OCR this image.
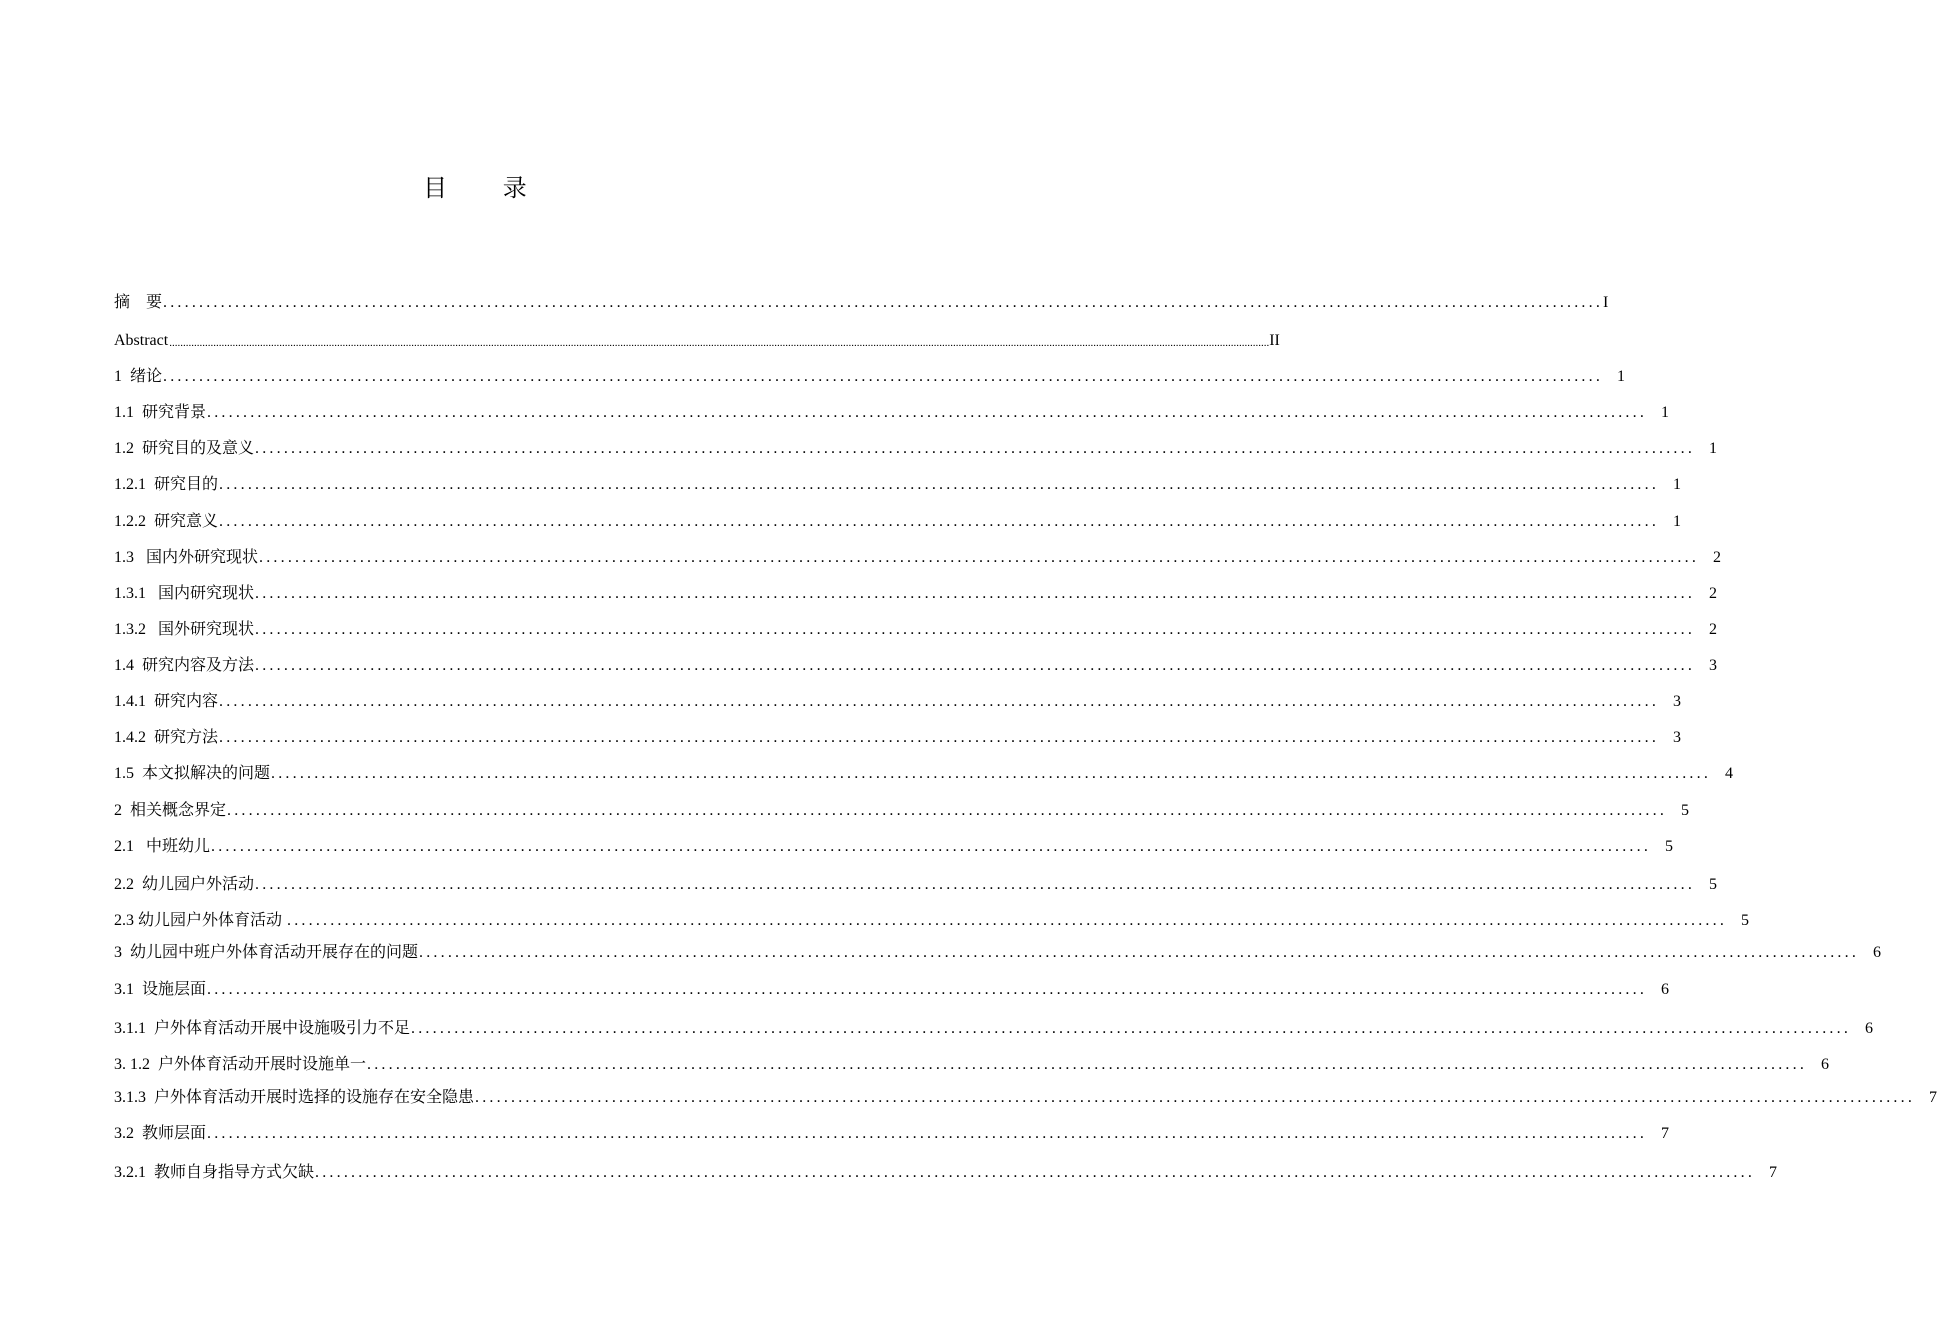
目 录
摘　要 ........................................................................................................................................................................................................ I
Abstract ................................................................................................................................................................................................................................................................................................................................................................................................................ II
1  绪论 ........................................................................................................................................................................................................ 1
1.1  研究背景 ........................................................................................................................................................................................................ 1
1.2  研究目的及意义 ........................................................................................................................................................................................................ 1
1.2.1  研究目的 ........................................................................................................................................................................................................ 1
1.2.2  研究意义 ........................................................................................................................................................................................................ 1
1.3   国内外研究现状 ........................................................................................................................................................................................................ 2
1.3.1   国内研究现状 ........................................................................................................................................................................................................ 2
1.3.2   国外研究现状 ........................................................................................................................................................................................................ 2
1.4  研究内容及方法 ........................................................................................................................................................................................................ 3
1.4.1  研究内容 ........................................................................................................................................................................................................ 3
1.4.2  研究方法 ........................................................................................................................................................................................................ 3
1.5  本文拟解决的问题 ........................................................................................................................................................................................................ 4
2  相关概念界定 ........................................................................................................................................................................................................ 5
2.1   中班幼儿 ........................................................................................................................................................................................................ 5
2.2  幼儿园户外活动 ........................................................................................................................................................................................................ 5
2.3 幼儿园户外体育活动 ........................................................................................................................................................................................................ 5
3  幼儿园中班户外体育活动开展存在的问题 ........................................................................................................................................................................................................ 6
3.1  设施层面 ........................................................................................................................................................................................................ 6
3.1.1  户外体育活动开展中设施吸引力不足 ........................................................................................................................................................................................................ 6
3. 1.2  户外体育活动开展时设施单一 ........................................................................................................................................................................................................ 6
3.1.3  户外体育活动开展时选择的设施存在安全隐患 ........................................................................................................................................................................................................ 7
3.2  教师层面 ........................................................................................................................................................................................................ 7
3.2.1  教师自身指导方式欠缺 ........................................................................................................................................................................................................ 7
